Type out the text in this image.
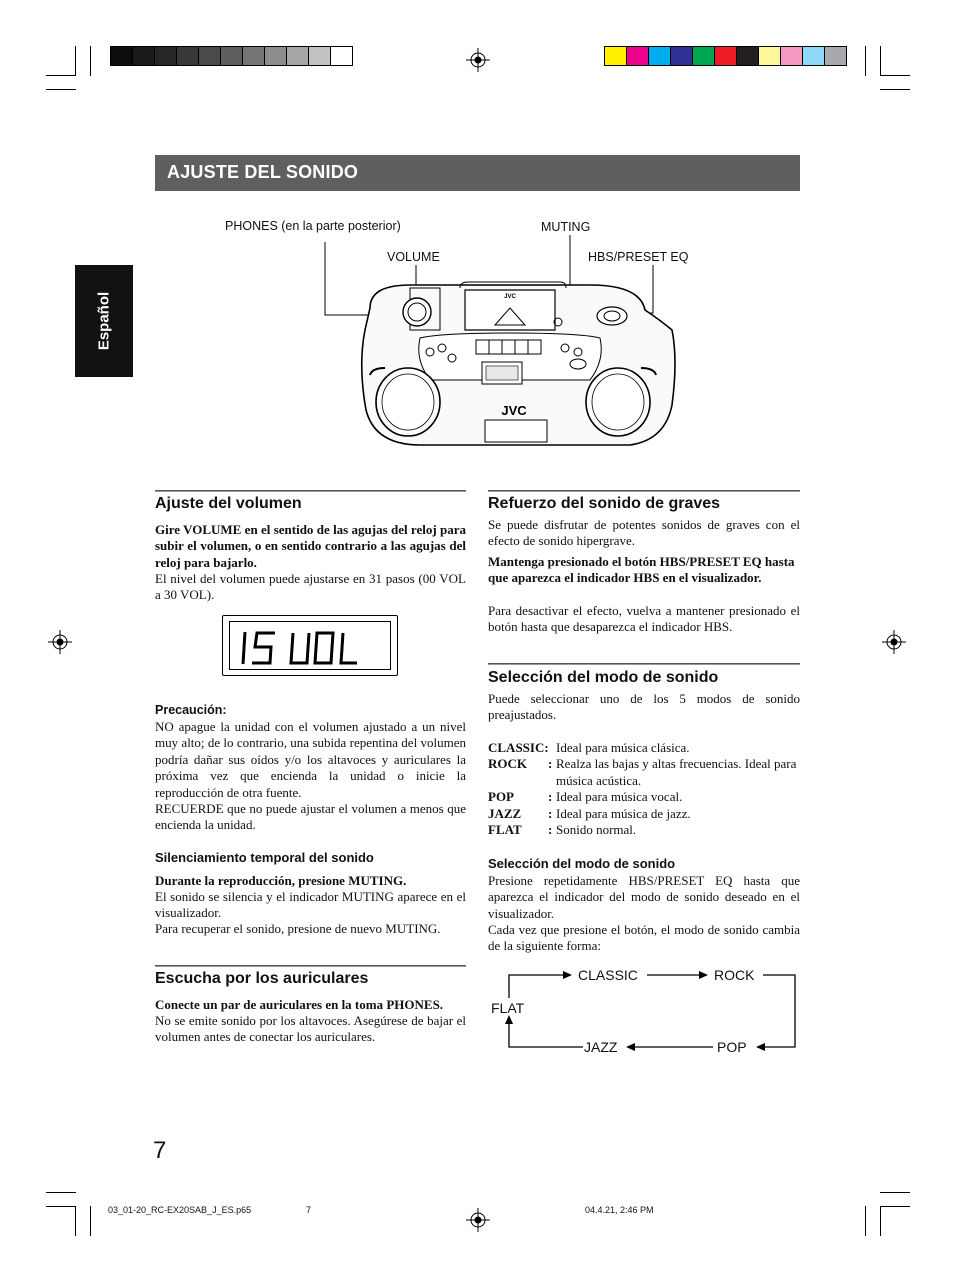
AJUSTE DEL SONIDO
Español
PHONES (en la parte posterior)	MUTING
VOLUME	HBS/PRESET EQ
JVC
JVC
Ajuste del volumen
Gire VOLUME en el sentido de las agujas del reloj para subir el volumen, o en sentido contrario a las agujas del reloj para bajarlo.
El nivel del volumen puede ajustarse en 31 pasos (00 VOL a 30 VOL).
Precaución:
NO apague la unidad con el volumen ajustado a un nivel muy alto; de lo contrario, una subida repentina del volumen podría dañar sus oídos y/o los altavoces y auriculares la próxima vez que encienda la unidad o inicie la reproducción de otra fuente.
RECUERDE que no puede ajustar el volumen a menos que encienda la unidad.
Silenciamiento temporal del sonido
Durante la reproducción, presione MUTING.
El sonido se silencia y el indicador MUTING aparece en el visualizador.
Para recuperar el sonido, presione de nuevo MUTING.
Escucha por los auriculares
Conecte un par de auriculares en la toma PHONES.
No se emite sonido por los altavoces. Asegúrese de bajar el volumen antes de conectar los auriculares.
Refuerzo del sonido de graves
Se puede disfrutar de potentes sonidos de graves con el efecto de sonido hipergrave.
Mantenga presionado el botón HBS/PRESET EQ hasta que aparezca el indicador HBS en el visualizador.
Para desactivar el efecto, vuelva a mantener presionado el botón hasta que desaparezca el indicador HBS.
Selección del modo de sonido
Puede seleccionar uno de los 5 modos de sonido preajustados.
CLASSIC: Ideal para música clásica.
ROCK : Realza las bajas y altas frecuencias. Ideal para música acústica.
POP	: Ideal para música vocal.
JAZZ : Ideal para música de jazz.
FLAT : Sonido normal.
Selección del modo de sonido
Presione repetidamente HBS/PRESET EQ hasta que aparezca el indicador del modo de sonido deseado en el visualizador.
Cada vez que presione el botón, el modo de sonido cambia de la siguiente forma:
CLASSIC	ROCK
FLAT
JAZZ	POP
7
03_01-20_RC-EX20SAB_J_ES.p65	7	04.4.21, 2:46 PM
